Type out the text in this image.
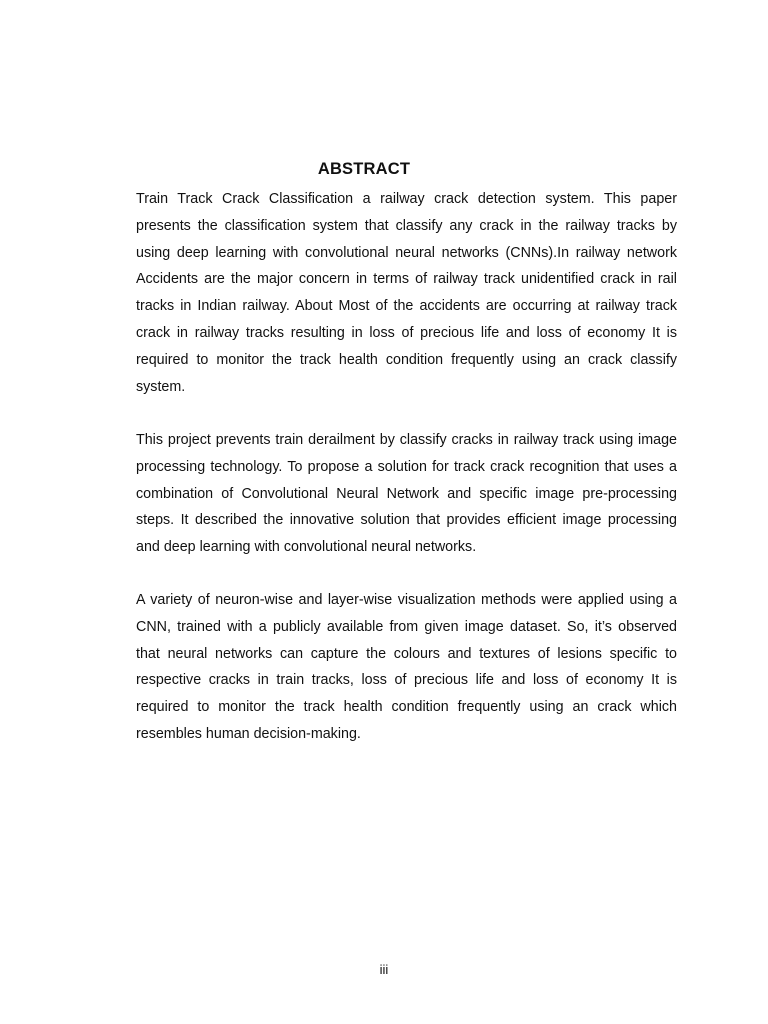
ABSTRACT

Train Track Crack Classification a railway crack detection system. This paper presents the classification system that classify any crack in the railway tracks by using deep learning with convolutional neural networks (CNNs).In railway network Accidents are the major concern in terms of railway track unidentified crack in rail tracks in Indian railway. About Most of the accidents are occurring at railway track crack in railway tracks resulting in loss of precious life and loss of economy It is required to monitor the track health condition frequently using an crack classify system.

This project prevents train derailment by classify cracks in railway track using image processing technology. To propose a solution for track crack recognition that uses a combination of Convolutional Neural Network and specific image pre-processing steps. It described the innovative solution that provides efficient image processing and deep learning with convolutional neural networks.

A variety of neuron-wise and layer-wise visualization methods were applied using a CNN, trained with a publicly available from given image dataset. So, it’s observed that neural networks can capture the colours and textures of lesions specific to respective cracks in train tracks, loss of precious life and loss of economy It is required to monitor the track health condition frequently using an crack which resembles human decision-making.

iii
